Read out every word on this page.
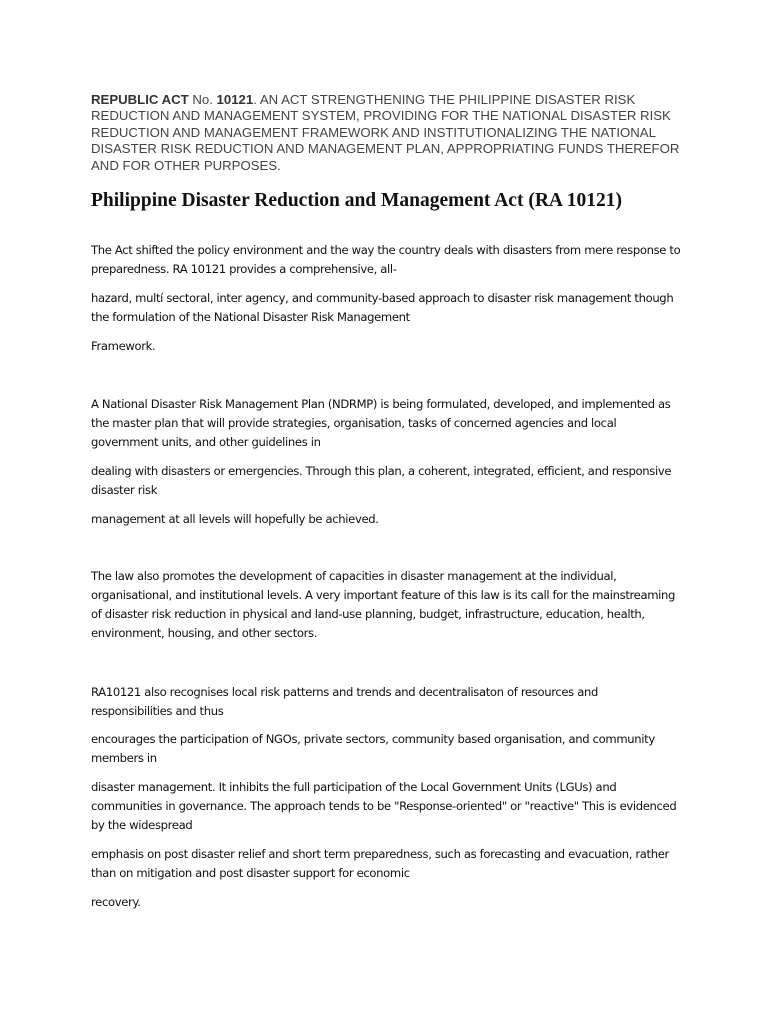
REPUBLIC ACT No. 10121. AN ACT STRENGTHENING THE PHILIPPINE DISASTER RISK REDUCTION AND MANAGEMENT SYSTEM, PROVIDING FOR THE NATIONAL DISASTER RISK REDUCTION AND MANAGEMENT FRAMEWORK AND INSTITUTIONALIZING THE NATIONAL DISASTER RISK REDUCTION AND MANAGEMENT PLAN, APPROPRIATING FUNDS THEREFOR AND FOR OTHER PURPOSES.
Philippine Disaster Reduction and Management Act (RA 10121)
The Act shifted the policy environment and the way the country deals with disasters from mere response to preparedness. RA 10121 provides a comprehensive, all-
hazard, multí sectoral, inter agency, and community-based approach to disaster risk management though the formulation of the National Disaster Risk Management
Framework.
A National Disaster Risk Management Plan (NDRMP) is being formulated, developed, and implemented as the master plan that will provide strategies, organisation, tasks of concerned agencies and local government units, and other guidelines in
dealing with disasters or emergencies. Through this plan, a coherent, integrated, efficient, and responsive disaster risk
management at all levels will hopefully be achieved.
The law also promotes the development of capacities in disaster management at the individual, organisational, and institutional levels. A very important feature of this law is its call for the mainstreaming of disaster risk reduction in physical and land-use planning, budget, infrastructure, education, health, environment, housing, and other sectors.
RA10121 also recognises local risk patterns and trends and decentralisaton of resources and responsibilities and thus
encourages the participation of NGOs, private sectors, community based organisation, and community members in
disaster management. It inhibits the full participation of the Local Government Units (LGUs) and communities in governance. The approach tends to be "Response-oriented" or "reactive" This is evidenced by the widespread
emphasis on post disaster relief and short term preparedness, such as forecasting and evacuation, rather than on mitigation and post disaster support for economic
recovery.
